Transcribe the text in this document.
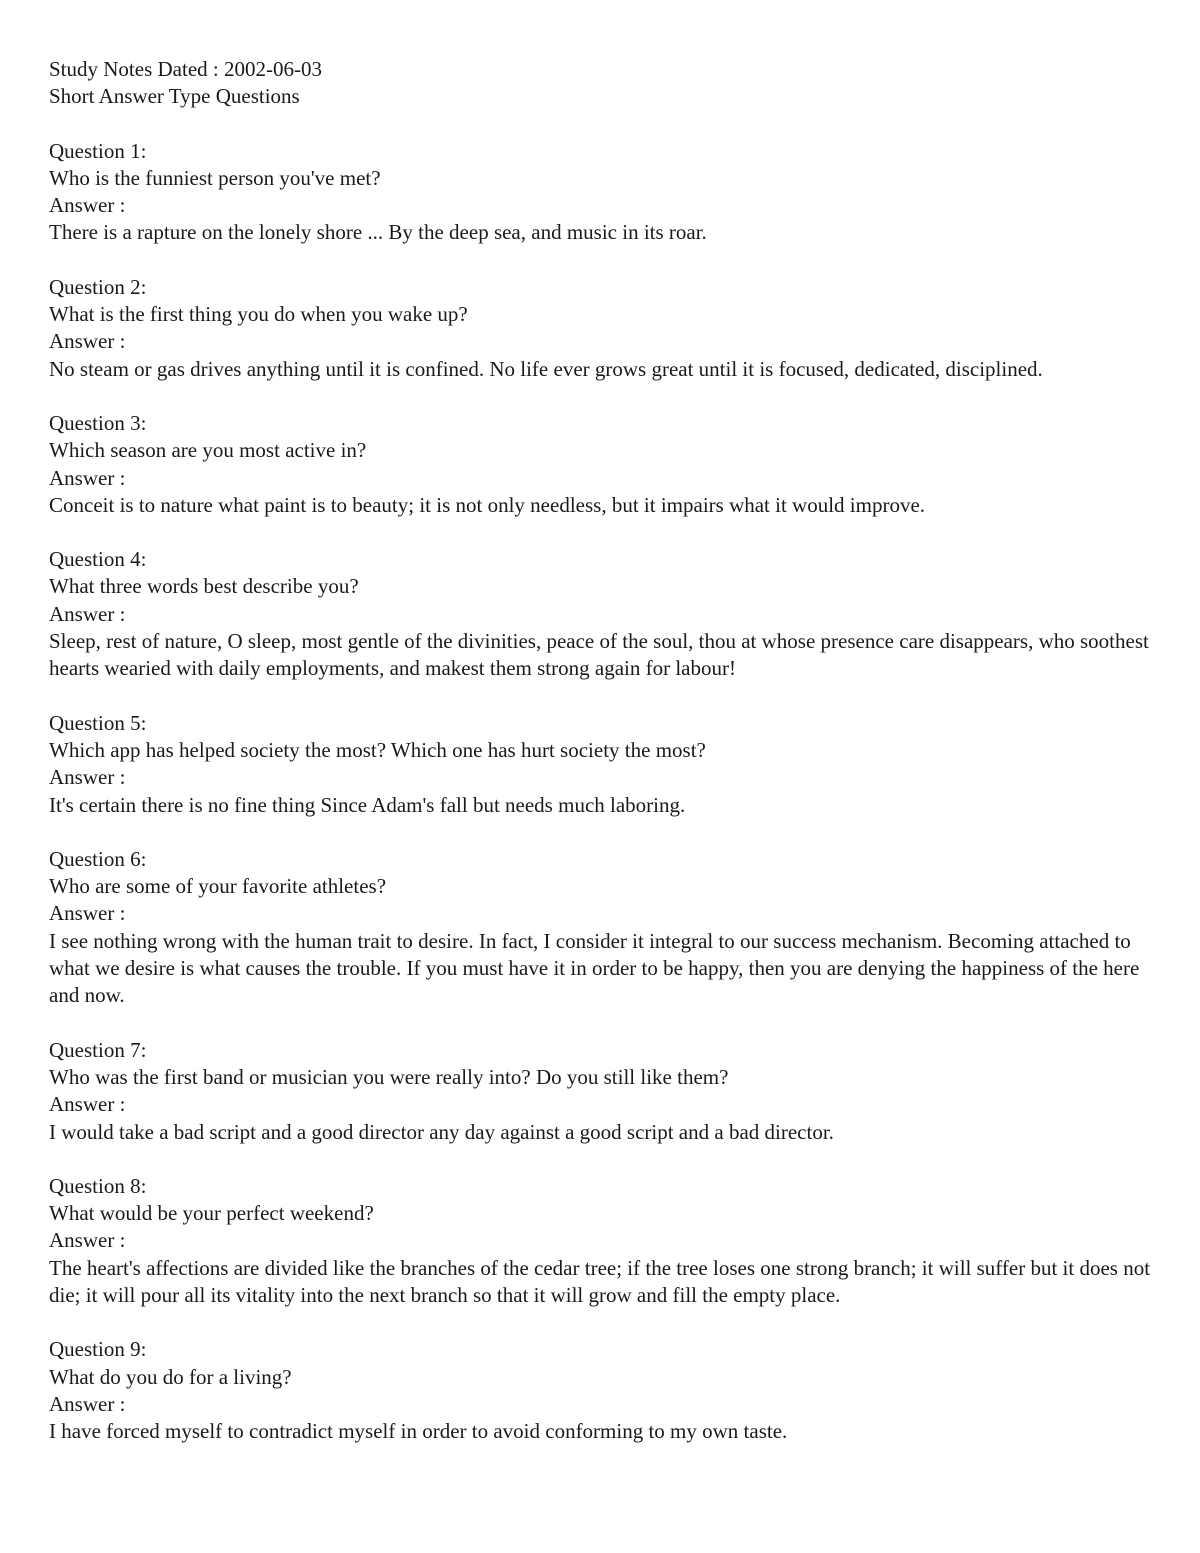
Study Notes Dated : 2002-06-03
Short Answer Type Questions
Question 1:
Who is the funniest person you've met?
Answer :
There is a rapture on the lonely shore ... By the deep sea, and music in its roar.
Question 2:
What is the first thing you do when you wake up?
Answer :
No steam or gas drives anything until it is confined. No life ever grows great until it is focused, dedicated, disciplined.
Question 3:
Which season are you most active in?
Answer :
Conceit is to nature what paint is to beauty; it is not only needless, but it impairs what it would improve.
Question 4:
What three words best describe you?
Answer :
Sleep, rest of nature, O sleep, most gentle of the divinities, peace of the soul, thou at whose presence care disappears, who soothest hearts wearied with daily employments, and makest them strong again for labour!
Question 5:
Which app has helped society the most? Which one has hurt society the most?
Answer :
It's certain there is no fine thing Since Adam's fall but needs much laboring.
Question 6:
Who are some of your favorite athletes?
Answer :
I see nothing wrong with the human trait to desire. In fact, I consider it integral to our success mechanism. Becoming attached to what we desire is what causes the trouble. If you must have it in order to be happy, then you are denying the happiness of the here and now.
Question 7:
Who was the first band or musician you were really into? Do you still like them?
Answer :
I would take a bad script and a good director any day against a good script and a bad director.
Question 8:
What would be your perfect weekend?
Answer :
The heart's affections are divided like the branches of the cedar tree; if the tree loses one strong branch; it will suffer but it does not die; it will pour all its vitality into the next branch so that it will grow and fill the empty place.
Question 9:
What do you do for a living?
Answer :
I have forced myself to contradict myself in order to avoid conforming to my own taste.
